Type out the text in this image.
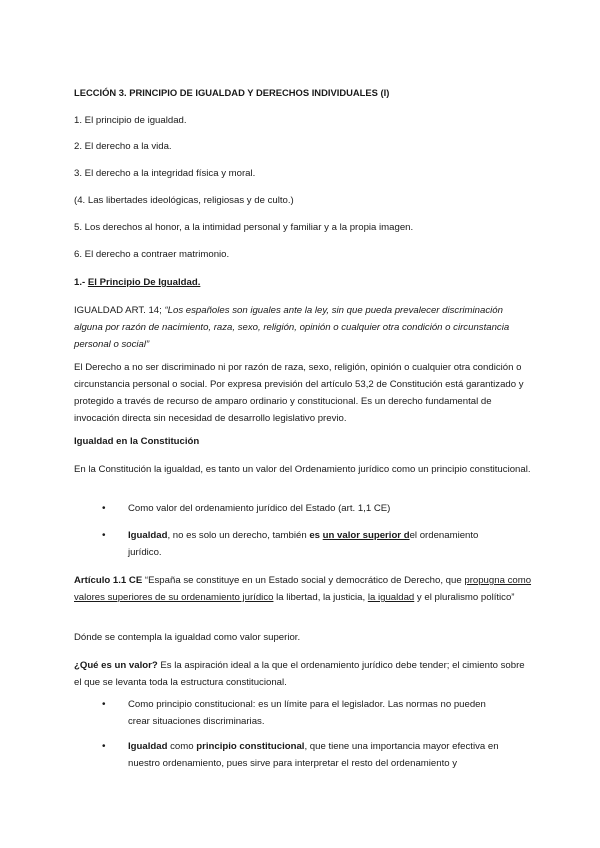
LECCIÓN 3. PRINCIPIO DE IGUALDAD Y DERECHOS INDIVIDUALES (I)

1. El principio de igualdad.

2. El derecho a la vida.

3. El derecho a la integridad física y moral.

(4. Las libertades ideológicas, religiosas y de culto.)

5. Los derechos al honor, a la intimidad personal y familiar y a la propia imagen.

6. El derecho a contraer matrimonio.

1.- El Principio De Igualdad.

IGUALDAD ART. 14; “Los españoles son iguales ante la ley, sin que pueda prevalecer discriminación alguna por razón de nacimiento, raza, sexo, religión, opinión o cualquier otra condición o circunstancia personal o social”

El Derecho a no ser discriminado ni por razón de raza, sexo, religión, opinión o cualquier otra condición o circunstancia personal o social. Por expresa previsión del artículo 53,2 de Constitución está garantizado y protegido a través de recurso de amparo ordinario y constitucional. Es un derecho fundamental de invocación directa sin necesidad de desarrollo legislativo previo.

Igualdad en la Constitución

En la Constitución la igualdad, es tanto un valor del Ordenamiento jurídico como un principio constitucional.

• Como valor del ordenamiento jurídico del Estado (art. 1,1 CE)
• Igualdad, no es solo un derecho, también es un valor superior del ordenamiento jurídico.

Artículo 1.1 CE “España se constituye en un Estado social y democrático de Derecho, que propugna como valores superiores de su ordenamiento jurídico la libertad, la justicia, la igualdad y el pluralismo político”

Dónde se contempla la igualdad como valor superior.

¿Qué es un valor? Es la aspiración ideal a la que el ordenamiento jurídico debe tender; el cimiento sobre el que se levanta toda la estructura constitucional.

• Como principio constitucional: es un límite para el legislador. Las normas no pueden crear situaciones discriminarias.
• Igualdad como principio constitucional, que tiene una importancia mayor efectiva en nuestro ordenamiento, pues sirve para interpretar el resto del ordenamiento y
